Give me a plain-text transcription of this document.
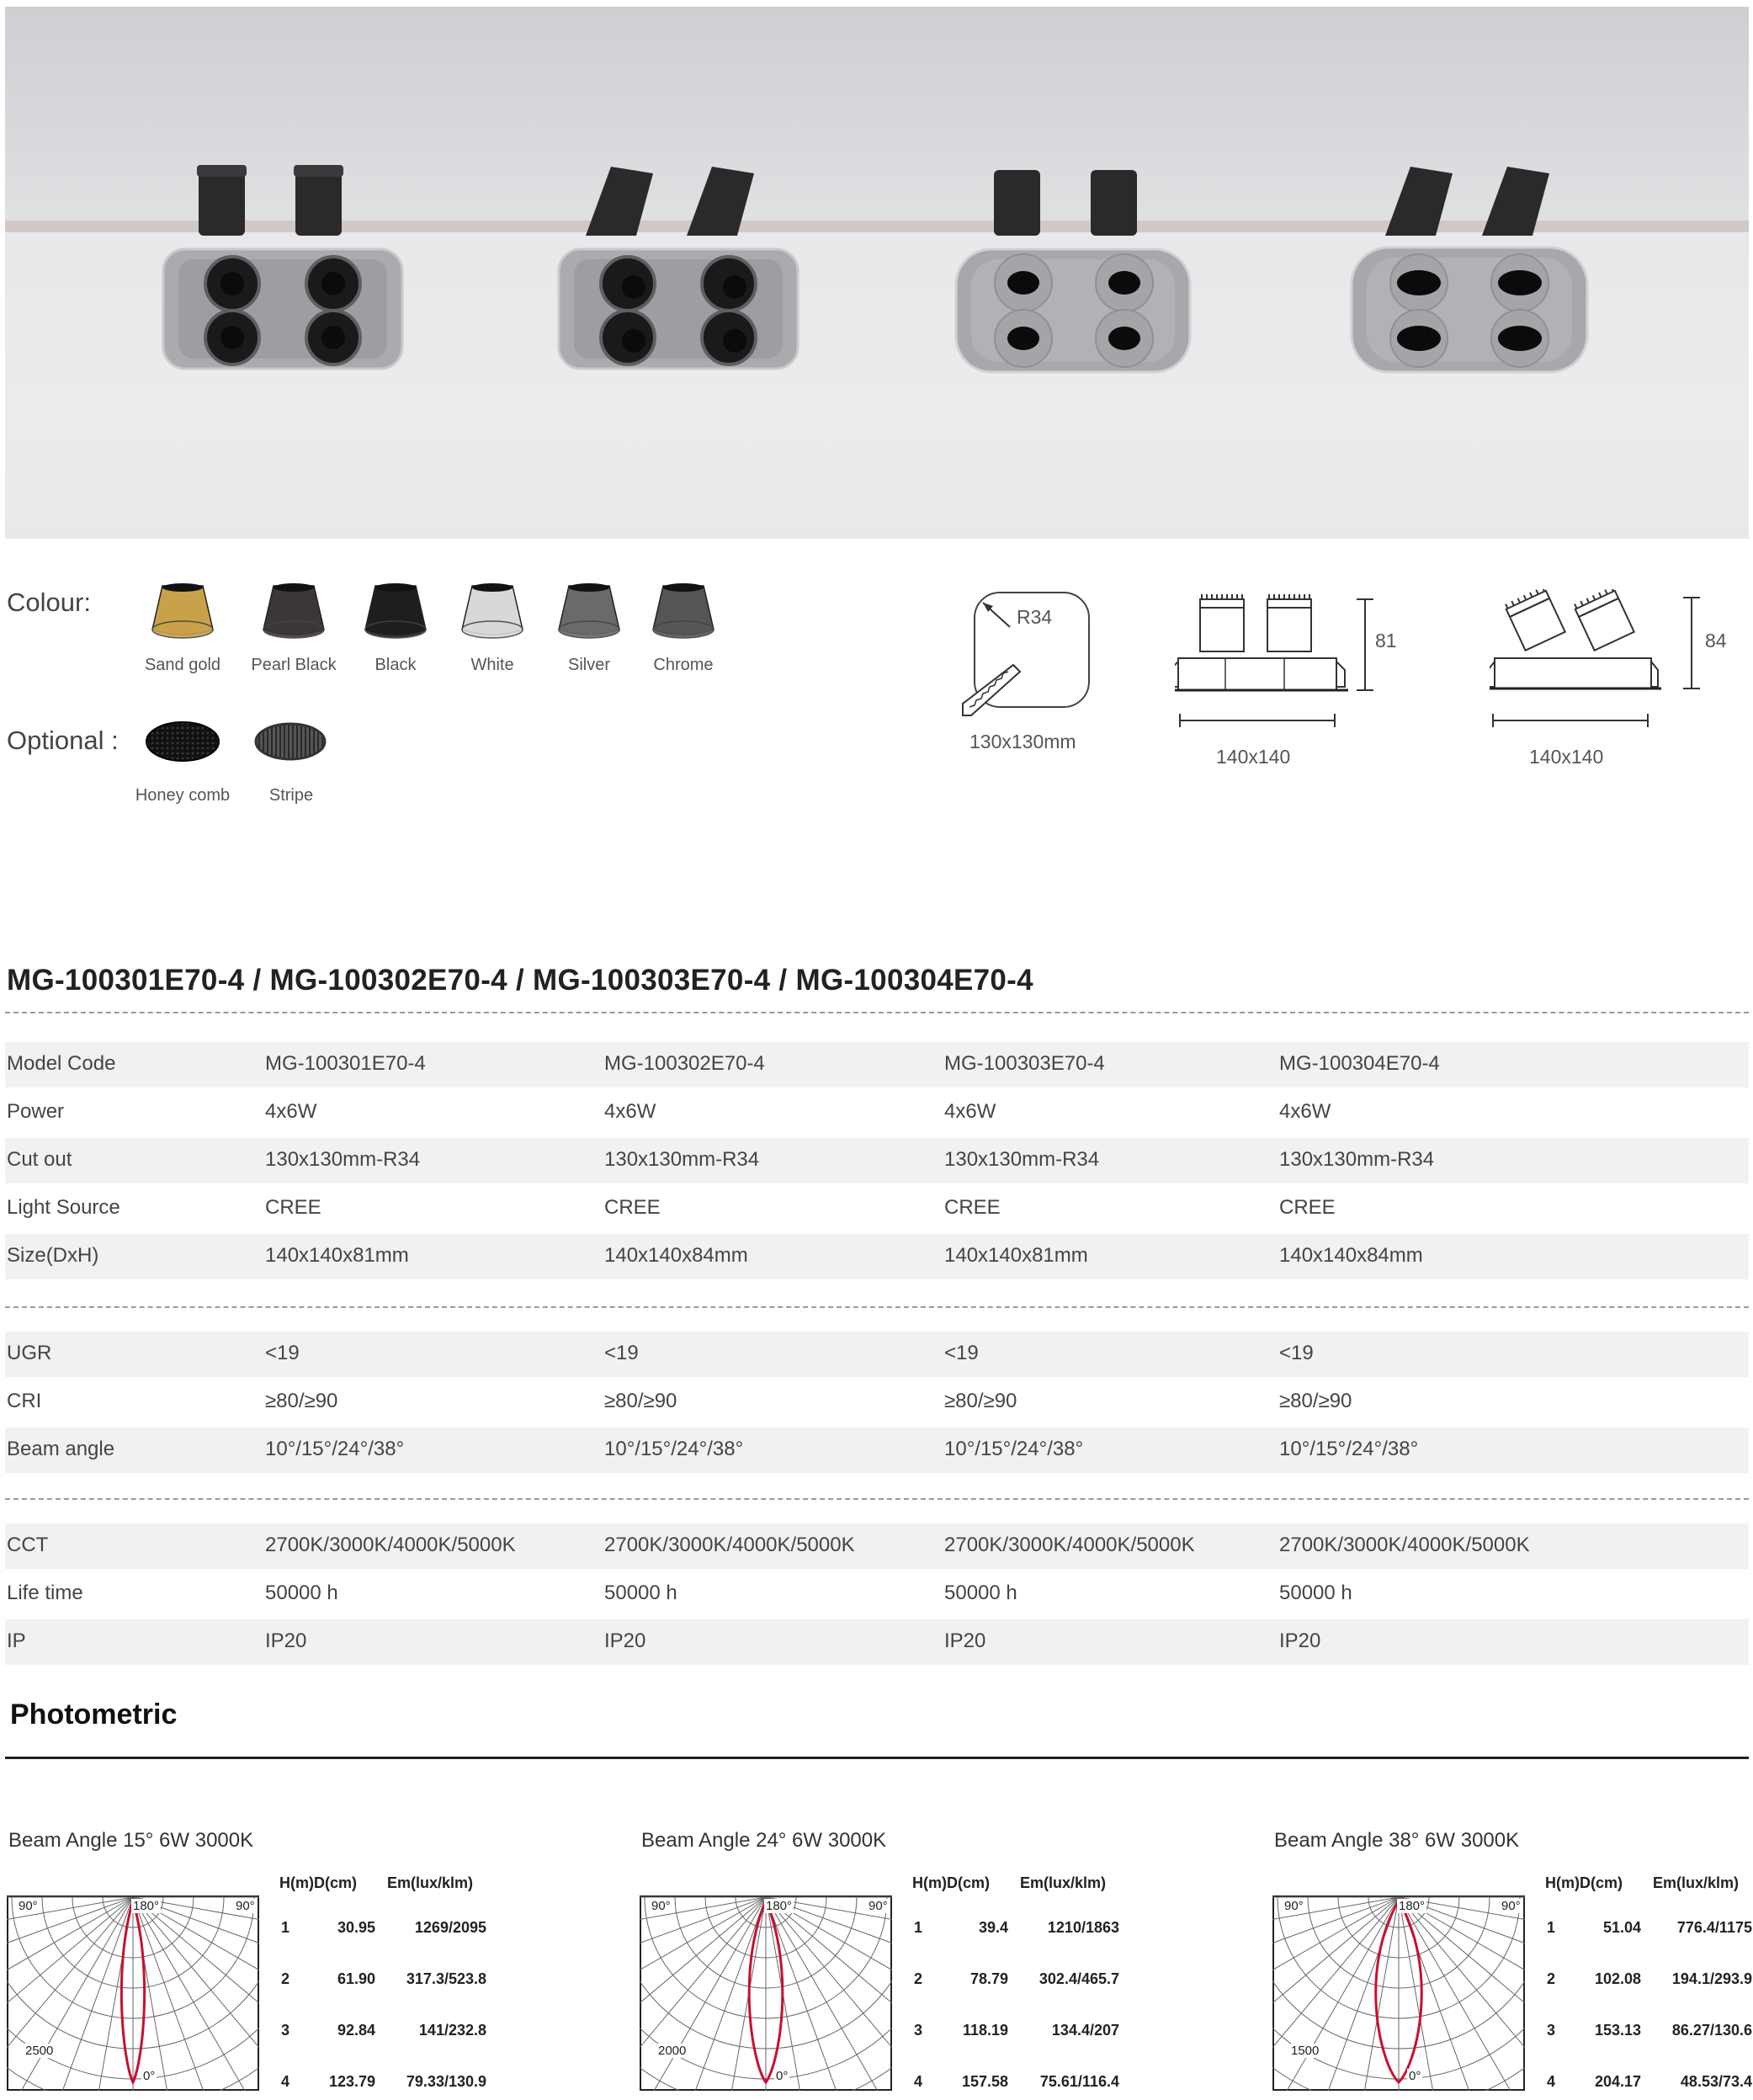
Colour:
Sand gold	Pearl Black	Black	White	Silver	Chrome
Optional :
Honey comb	Stripe
R34
130x130mm
81
140x140
84
140x140
MG-100301E70-4 / MG-100302E70-4 / MG-100303E70-4 / MG-100304E70-4
Model Code	MG-100301E70-4	MG-100302E70-4	MG-100303E70-4	MG-100304E70-4
Power	4x6W	4x6W	4x6W	4x6W
Cut out	130x130mm-R34	130x130mm-R34	130x130mm-R34	130x130mm-R34
Light Source	CREE	CREE	CREE	CREE
Size(DxH)	140x140x81mm	140x140x84mm	140x140x81mm	140x140x84mm
UGR	<19	<19	<19	<19
CRI	≥80/≥90	≥80/≥90	≥80/≥90	≥80/≥90
Beam angle	10°/15°/24°/38°	10°/15°/24°/38°	10°/15°/24°/38°	10°/15°/24°/38°
CCT	2700K/3000K/4000K/5000K	2700K/3000K/4000K/5000K	2700K/3000K/4000K/5000K	2700K/3000K/4000K/5000K
Life time	50000 h	50000 h	50000 h	50000 h
IP	IP20	IP20	IP20	IP20
Photometric
Beam Angle 15° 6W 3000K
90°	180°	90°
0°
2500
H(m) D(cm) Em(lux/klm)
1	30.95	1269/2095
2	61.90	317.3/523.8
3	92.84	141/232.8
4	123.79	79.33/130.9
Beam Angle 24° 6W 3000K
90°	180°	90°
0°
2000
H(m) D(cm) Em(lux/klm)
1	39.4	1210/1863
2	78.79	302.4/465.7
3	118.19	134.4/207
4	157.58	75.61/116.4
Beam Angle 38° 6W 3000K
90°	180°	90°
0°
1500
H(m) D(cm) Em(lux/klm)
1	51.04	776.4/1175
2	102.08	194.1/293.9
3	153.13	86.27/130.6
4	204.17	48.53/73.4
